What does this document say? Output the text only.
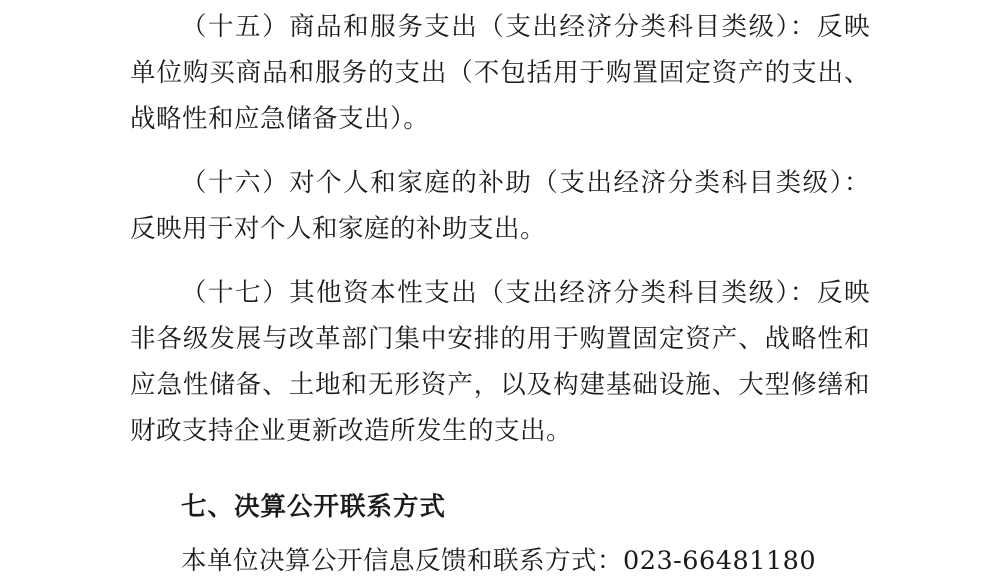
（十五）商品和服务支出（支出经济分类科目类级）：反映单位购买商品和服务的支出（不包括用于购置固定资产的支出、战略性和应急储备支出）。

（十六）对个人和家庭的补助（支出经济分类科目类级）：反映用于对个人和家庭的补助支出。

（十七）其他资本性支出（支出经济分类科目类级）：反映非各级发展与改革部门集中安排的用于购置固定资产、战略性和应急性储备、土地和无形资产，以及构建基础设施、大型修缮和财政支持企业更新改造所发生的支出。

七、决算公开联系方式

本单位决算公开信息反馈和联系方式：023-66481180
